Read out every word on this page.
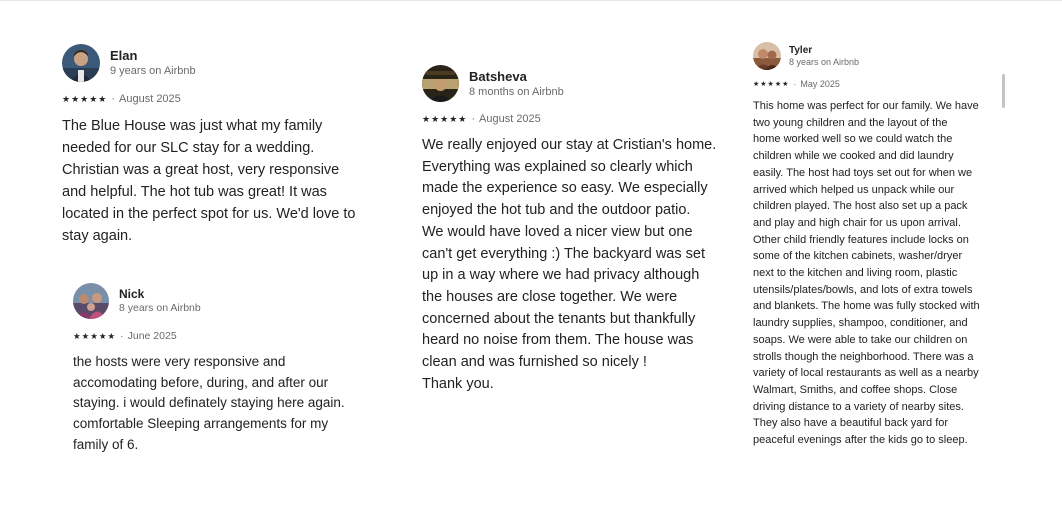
Elan
9 years on Airbnb
★★★★★ · August 2025

The Blue House was just what my family
needed for our SLC stay for a wedding.
Christian was a great host, very responsive
and helpful. The hot tub was great! It was
located in the perfect spot for us. We'd love to
stay again.

Nick
8 years on Airbnb
★★★★★ · June 2025

the hosts were very responsive and
accomodating before, during, and after our
staying. i would definately staying here again.
comfortable Sleeping arrangements for my
family of 6.

Batsheva
8 months on Airbnb
★★★★★ · August 2025

We really enjoyed our stay at Cristian's home.
Everything was explained so clearly which
made the experience so easy. We especially
enjoyed the hot tub and the outdoor patio.
We would have loved a nicer view but one
can't get everything :) The backyard was set
up in a way where we had privacy although
the houses are close together. We were
concerned about the tenants but thankfully
heard no noise from them. The house was
clean and was furnished so nicely !
Thank you.

Tyler
8 years on Airbnb
★★★★★ · May 2025

This home was perfect for our family. We have
two young children and the layout of the
home worked well so we could watch the
children while we cooked and did laundry
easily. The host had toys set out for when we
arrived which helped us unpack while our
children played. The host also set up a pack
and play and high chair for us upon arrival.
Other child friendly features include locks on
some of the kitchen cabinets, washer/dryer
next to the kitchen and living room, plastic
utensils/plates/bowls, and lots of extra towels
and blankets. The home was fully stocked with
laundry supplies, shampoo, conditioner, and
soaps. We were able to take our children on
strolls though the neighborhood. There was a
variety of local restaurants as well as a nearby
Walmart, Smiths, and coffee shops. Close
driving distance to a variety of nearby sites.
They also have a beautiful back yard for
peaceful evenings after the kids go to sleep.
